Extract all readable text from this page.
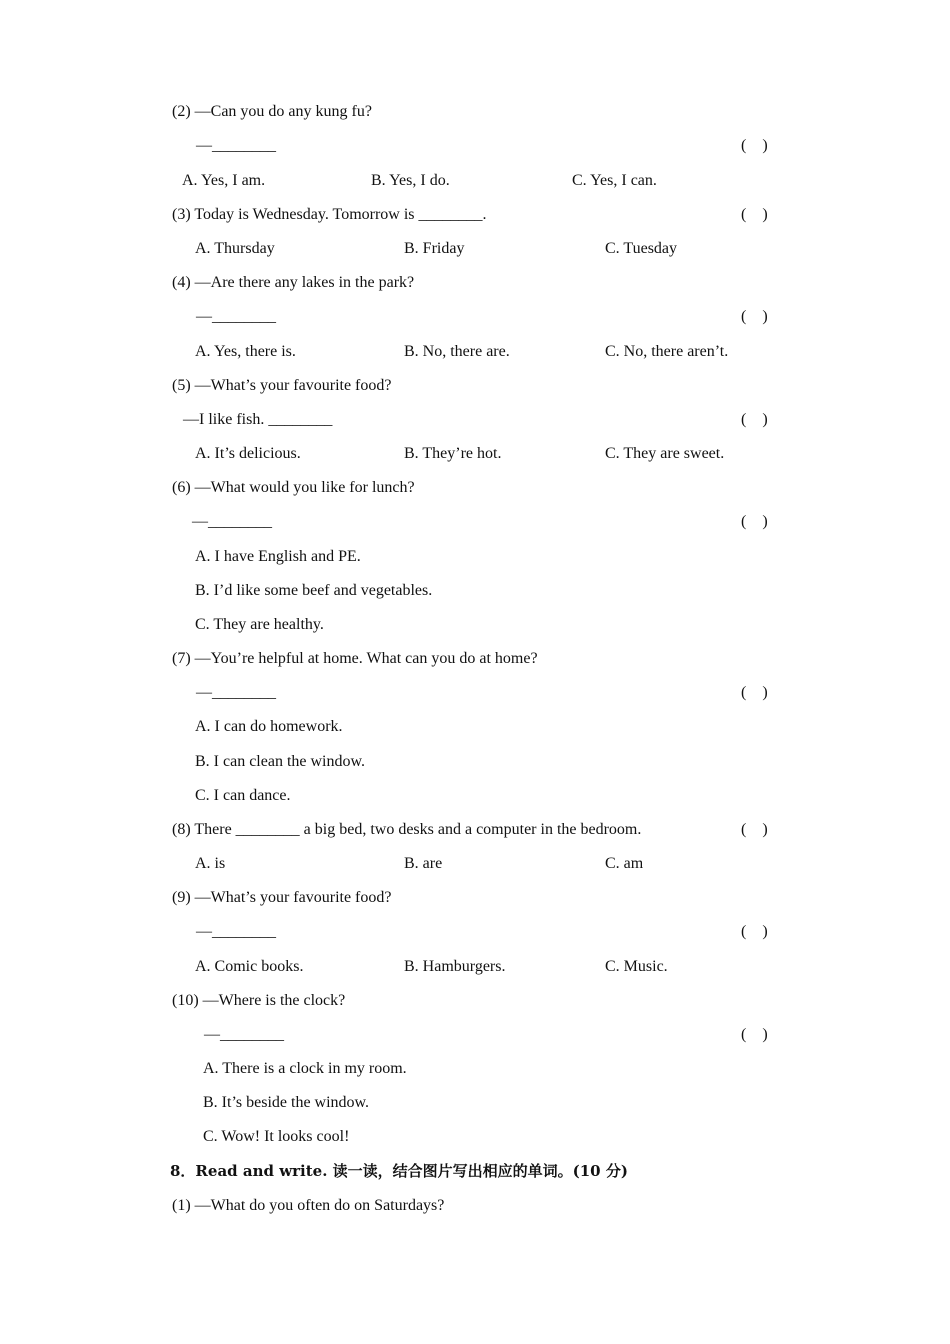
(2) —Can you do any kung fu?
—________	(    )
A. Yes, I am.	B. Yes, I do.	C. Yes, I can.
(3) Today is Wednesday. Tomorrow is ________.	(    )
A. Thursday	B. Friday	C. Tuesday
(4) —Are there any lakes in the park?
—________	(    )
A. Yes, there is.	B. No, there are.	C. No, there aren’t.
(5) —What’s your favourite food?
—I like fish. ________	(    )
A. It’s delicious.	B. They’re hot.	C. They are sweet.
(6) —What would you like for lunch?
—________	(    )
A. I have English and PE.
B. I’d like some beef and vegetables.
C. They are healthy.
(7) —You’re helpful at home. What can you do at home?
—________	(    )
A. I can do homework.
B. I can clean the window.
C. I can dance.
(8) There ________ a big bed, two desks and a computer in the bedroom.	(    )
A. is	B. are	C. am
(9) —What’s your favourite food?
—________	(    )
A. Comic books.	B. Hamburgers.	C. Music.
(10) —Where is the clock?
—________	(    )
A. There is a clock in my room.
B. It’s beside the window.
C. Wow! It looks cool!
8．Read and write. 读一读，结合图片写出相应的单词。(10 分)
(1) —What do you often do on Saturdays?
